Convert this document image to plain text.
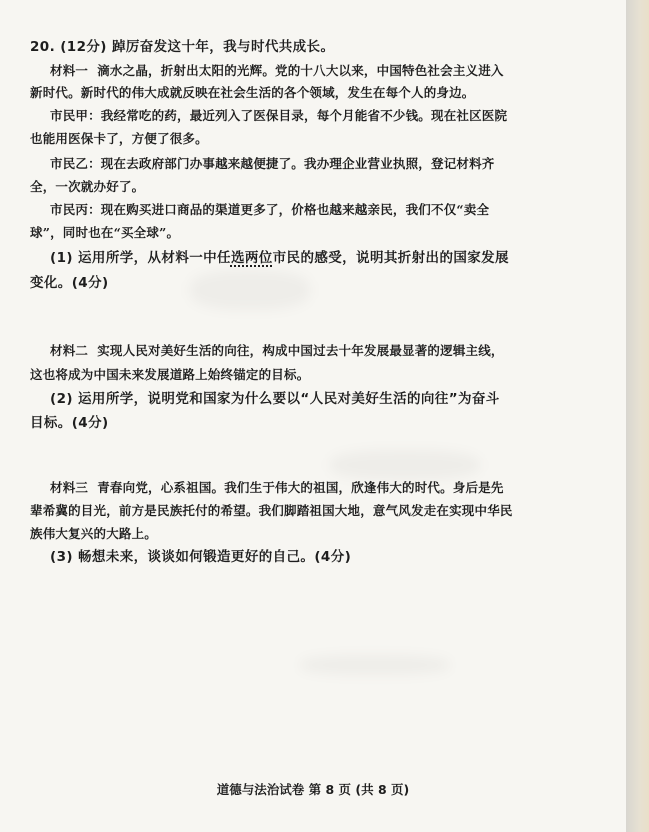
20. (12分) 踔厉奋发这十年，我与时代共成长。
材料一 滴水之晶，折射出太阳的光辉。党的十八大以来，中国特色社会主义进入
新时代。新时代的伟大成就反映在社会生活的各个领域，发生在每个人的身边。
市民甲：我经常吃的药，最近列入了医保目录，每个月能省不少钱。现在社区医院
也能用医保卡了，方便了很多。
市民乙：现在去政府部门办事越来越便捷了。我办理企业营业执照，登记材料齐
全，一次就办好了。
市民丙：现在购买进口商品的渠道更多了，价格也越来越亲民，我们不仅“卖全
球”，同时也在“买全球”。
(1) 运用所学，从材料一中任选两位市民的感受，说明其折射出的国家发展
变化。(4分)
材料二 实现人民对美好生活的向往，构成中国过去十年发展最显著的逻辑主线，
这也将成为中国未来发展道路上始终锚定的目标。
(2) 运用所学，说明党和国家为什么要以“人民对美好生活的向往”为奋斗
目标。(4分)
材料三 青春向党，心系祖国。我们生于伟大的祖国，欣逢伟大的时代。身后是先
辈希冀的目光，前方是民族托付的希望。我们脚踏祖国大地，意气风发走在实现中华民
族伟大复兴的大路上。
(3) 畅想未来，谈谈如何锻造更好的自己。(4分)
道德与法治试卷 第 8 页 (共 8 页)
